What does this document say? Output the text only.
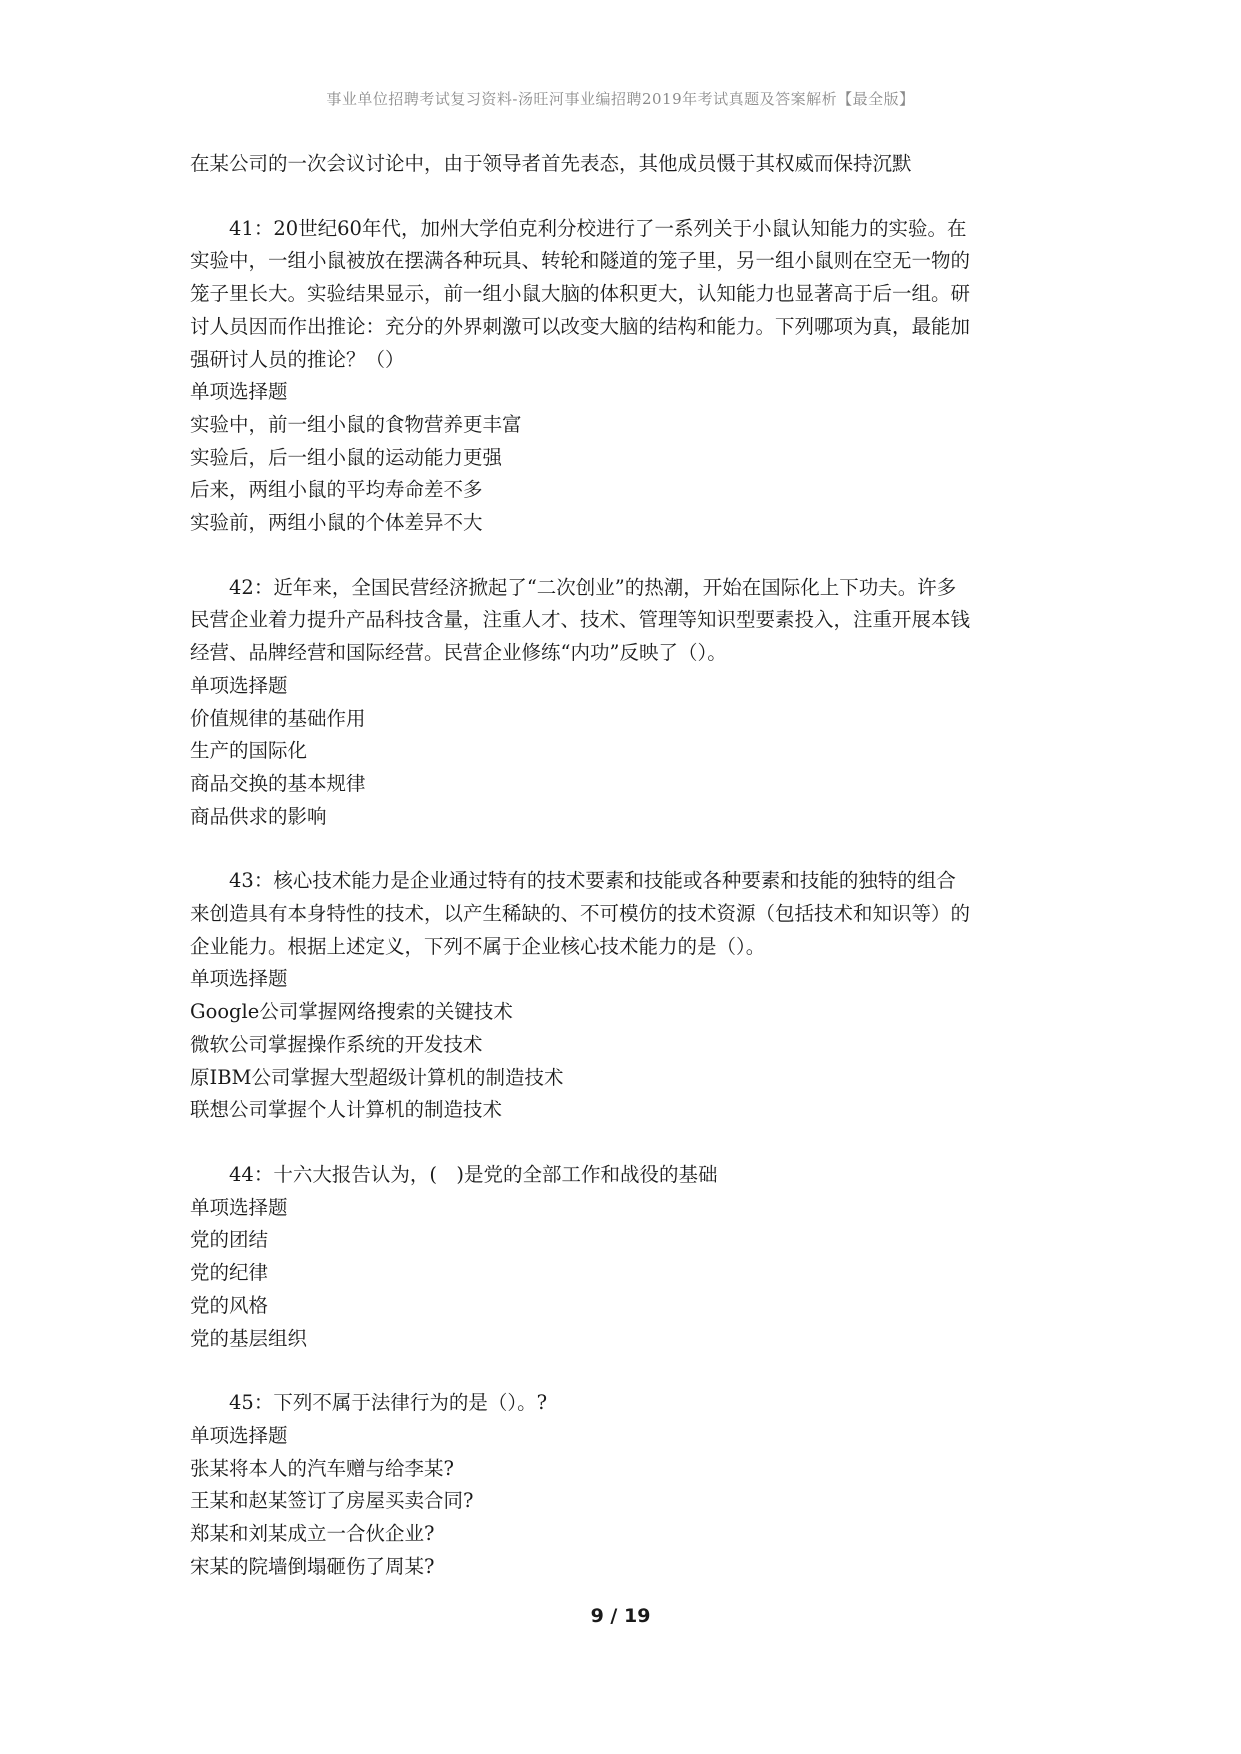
事业单位招聘考试复习资料-汤旺河事业编招聘2019年考试真题及答案解析【最全版】

在某公司的一次会议讨论中，由于领导者首先表态，其他成员慑于其权威而保持沉默

41：20世纪60年代，加州大学伯克利分校进行了一系列关于小鼠认知能力的实验。在

实验中，一组小鼠被放在摆满各种玩具、转轮和隧道的笼子里，另一组小鼠则在空无一物的

笼子里长大。实验结果显示，前一组小鼠大脑的体积更大，认知能力也显著高于后一组。研

讨人员因而作出推论：充分的外界刺激可以改变大脑的结构和能力。下列哪项为真，最能加

强研讨人员的推论？（）

单项选择题

实验中，前一组小鼠的食物营养更丰富

实验后，后一组小鼠的运动能力更强

后来，两组小鼠的平均寿命差不多

实验前，两组小鼠的个体差异不大

42：近年来，全国民营经济掀起了“二次创业”的热潮，开始在国际化上下功夫。许多

民营企业着力提升产品科技含量，注重人才、技术、管理等知识型要素投入，注重开展本钱

经营、品牌经营和国际经营。民营企业修练“内功”反映了（）。

单项选择题

价值规律的基础作用

生产的国际化

商品交换的基本规律

商品供求的影响

43：核心技术能力是企业通过特有的技术要素和技能或各种要素和技能的独特的组合

来创造具有本身特性的技术，以产生稀缺的、不可模仿的技术资源（包括技术和知识等）的

企业能力。根据上述定义，下列不属于企业核心技术能力的是（）。

单项选择题

Google公司掌握网络搜索的关键技术

微软公司掌握操作系统的开发技术

原IBM公司掌握大型超级计算机的制造技术

联想公司掌握个人计算机的制造技术

44：十六大报告认为，(　)是党的全部工作和战役的基础

单项选择题

党的团结

党的纪律

党的风格

党的基层组织

45：下列不属于法律行为的是（）。?

单项选择题

张某将本人的汽车赠与给李某?

王某和赵某签订了房屋买卖合同?

郑某和刘某成立一合伙企业?

宋某的院墙倒塌砸伤了周某?

9 / 19
